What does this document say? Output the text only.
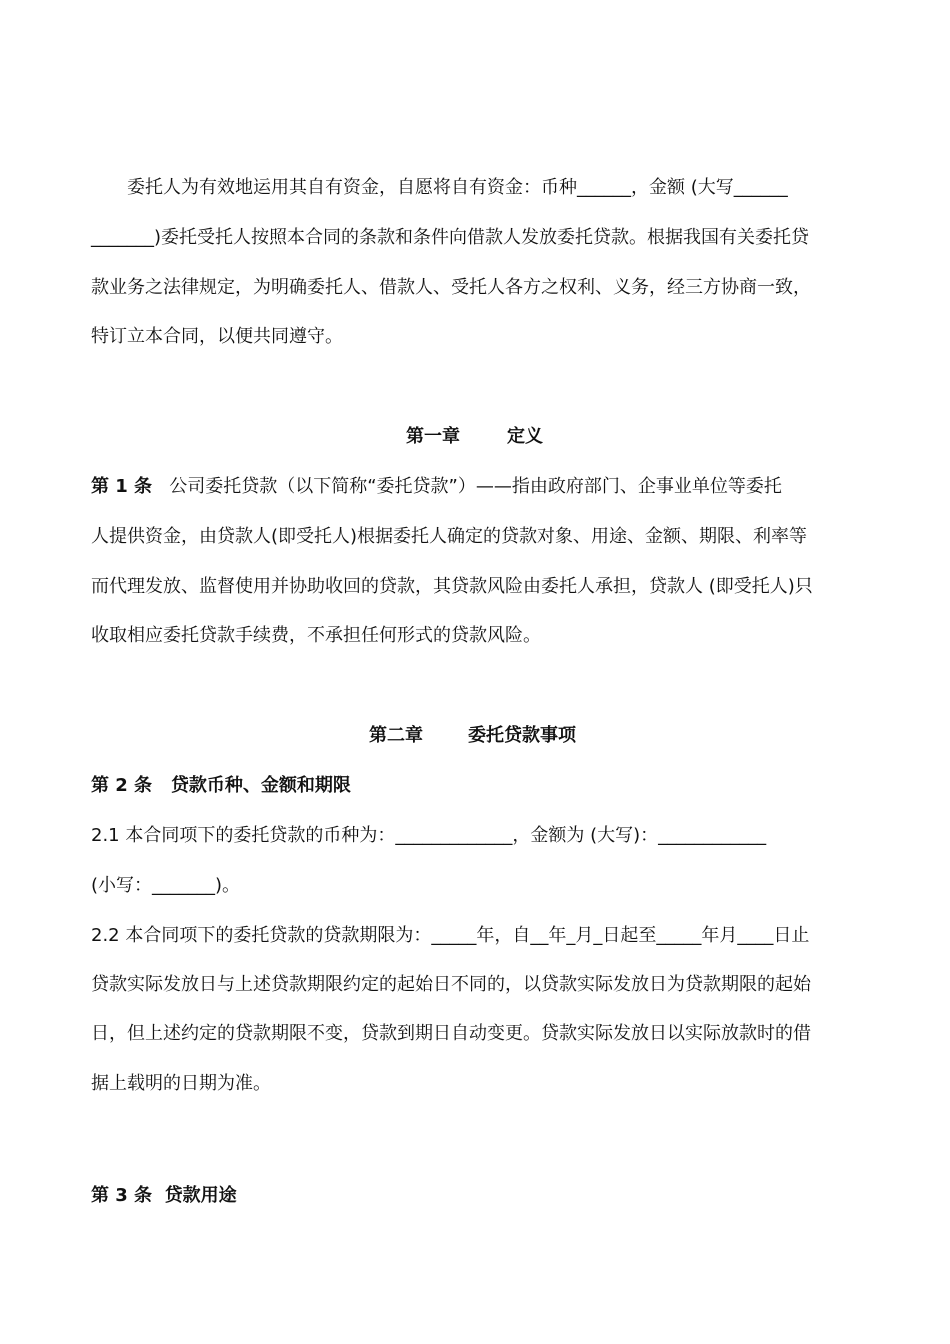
委托人为有效地运用其自有资金，自愿将自有资金：币种______，金额 (大写______
_______)委托受托人按照本合同的条款和条件向借款人发放委托贷款。根据我国有关委托贷
款业务之法律规定，为明确委托人、借款人、受托人各方之权利、义务，经三方协商一致，
特订立本合同，以便共同遵守。
第一章	定义
第 1 条 公司委托贷款（以下简称“委托贷款”）——指由政府部门、企事业单位等委托
人提供资金，由贷款人(即受托人)根据委托人确定的贷款对象、用途、金额、期限、利率等
而代理发放、监督使用并协助收回的贷款，其贷款风险由委托人承担，贷款人 (即受托人)只
收取相应委托贷款手续费，不承担任何形式的贷款风险。
第二章	委托贷款事项
第 2 条   贷款币种、金额和期限
2.1 本合同项下的委托贷款的币种为：_____________，金额为 (大写)：____________
(小写：_______)。
2.2 本合同项下的委托贷款的贷款期限为：_____年，自__年_月_日起至_____年月____日止
贷款实际发放日与上述贷款期限约定的起始日不同的，以贷款实际发放日为贷款期限的起始
日，但上述约定的贷款期限不变，贷款到期日自动变更。贷款实际发放日以实际放款时的借
据上载明的日期为准。
第 3 条  贷款用途
